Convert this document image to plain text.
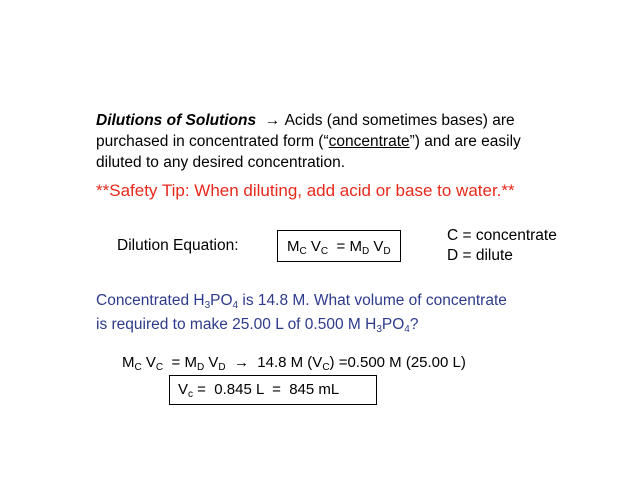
Dilutions of Solutions → Acids (and sometimes bases) are
purchased in concentrated form (“concentrate”) and are easily
diluted to any desired concentration.
**Safety Tip: When diluting, add acid or base to water.**
Dilution Equation:	$M_C$ $V_C = M_D$ $V_D$
C = concentrate
D = dilute
Concentrated $H_3PO_4$ is 14.8 M. What volume of concentrate
is required to make 25.00 L of 0.500 M $H_3PO_4$?
$M_C$ $V_C = M_D$ $V_D \to 14.8$ M $(V_C) =0.500$ M (25.00 L)
$V_c = 0.845$ L  =  845 mL
